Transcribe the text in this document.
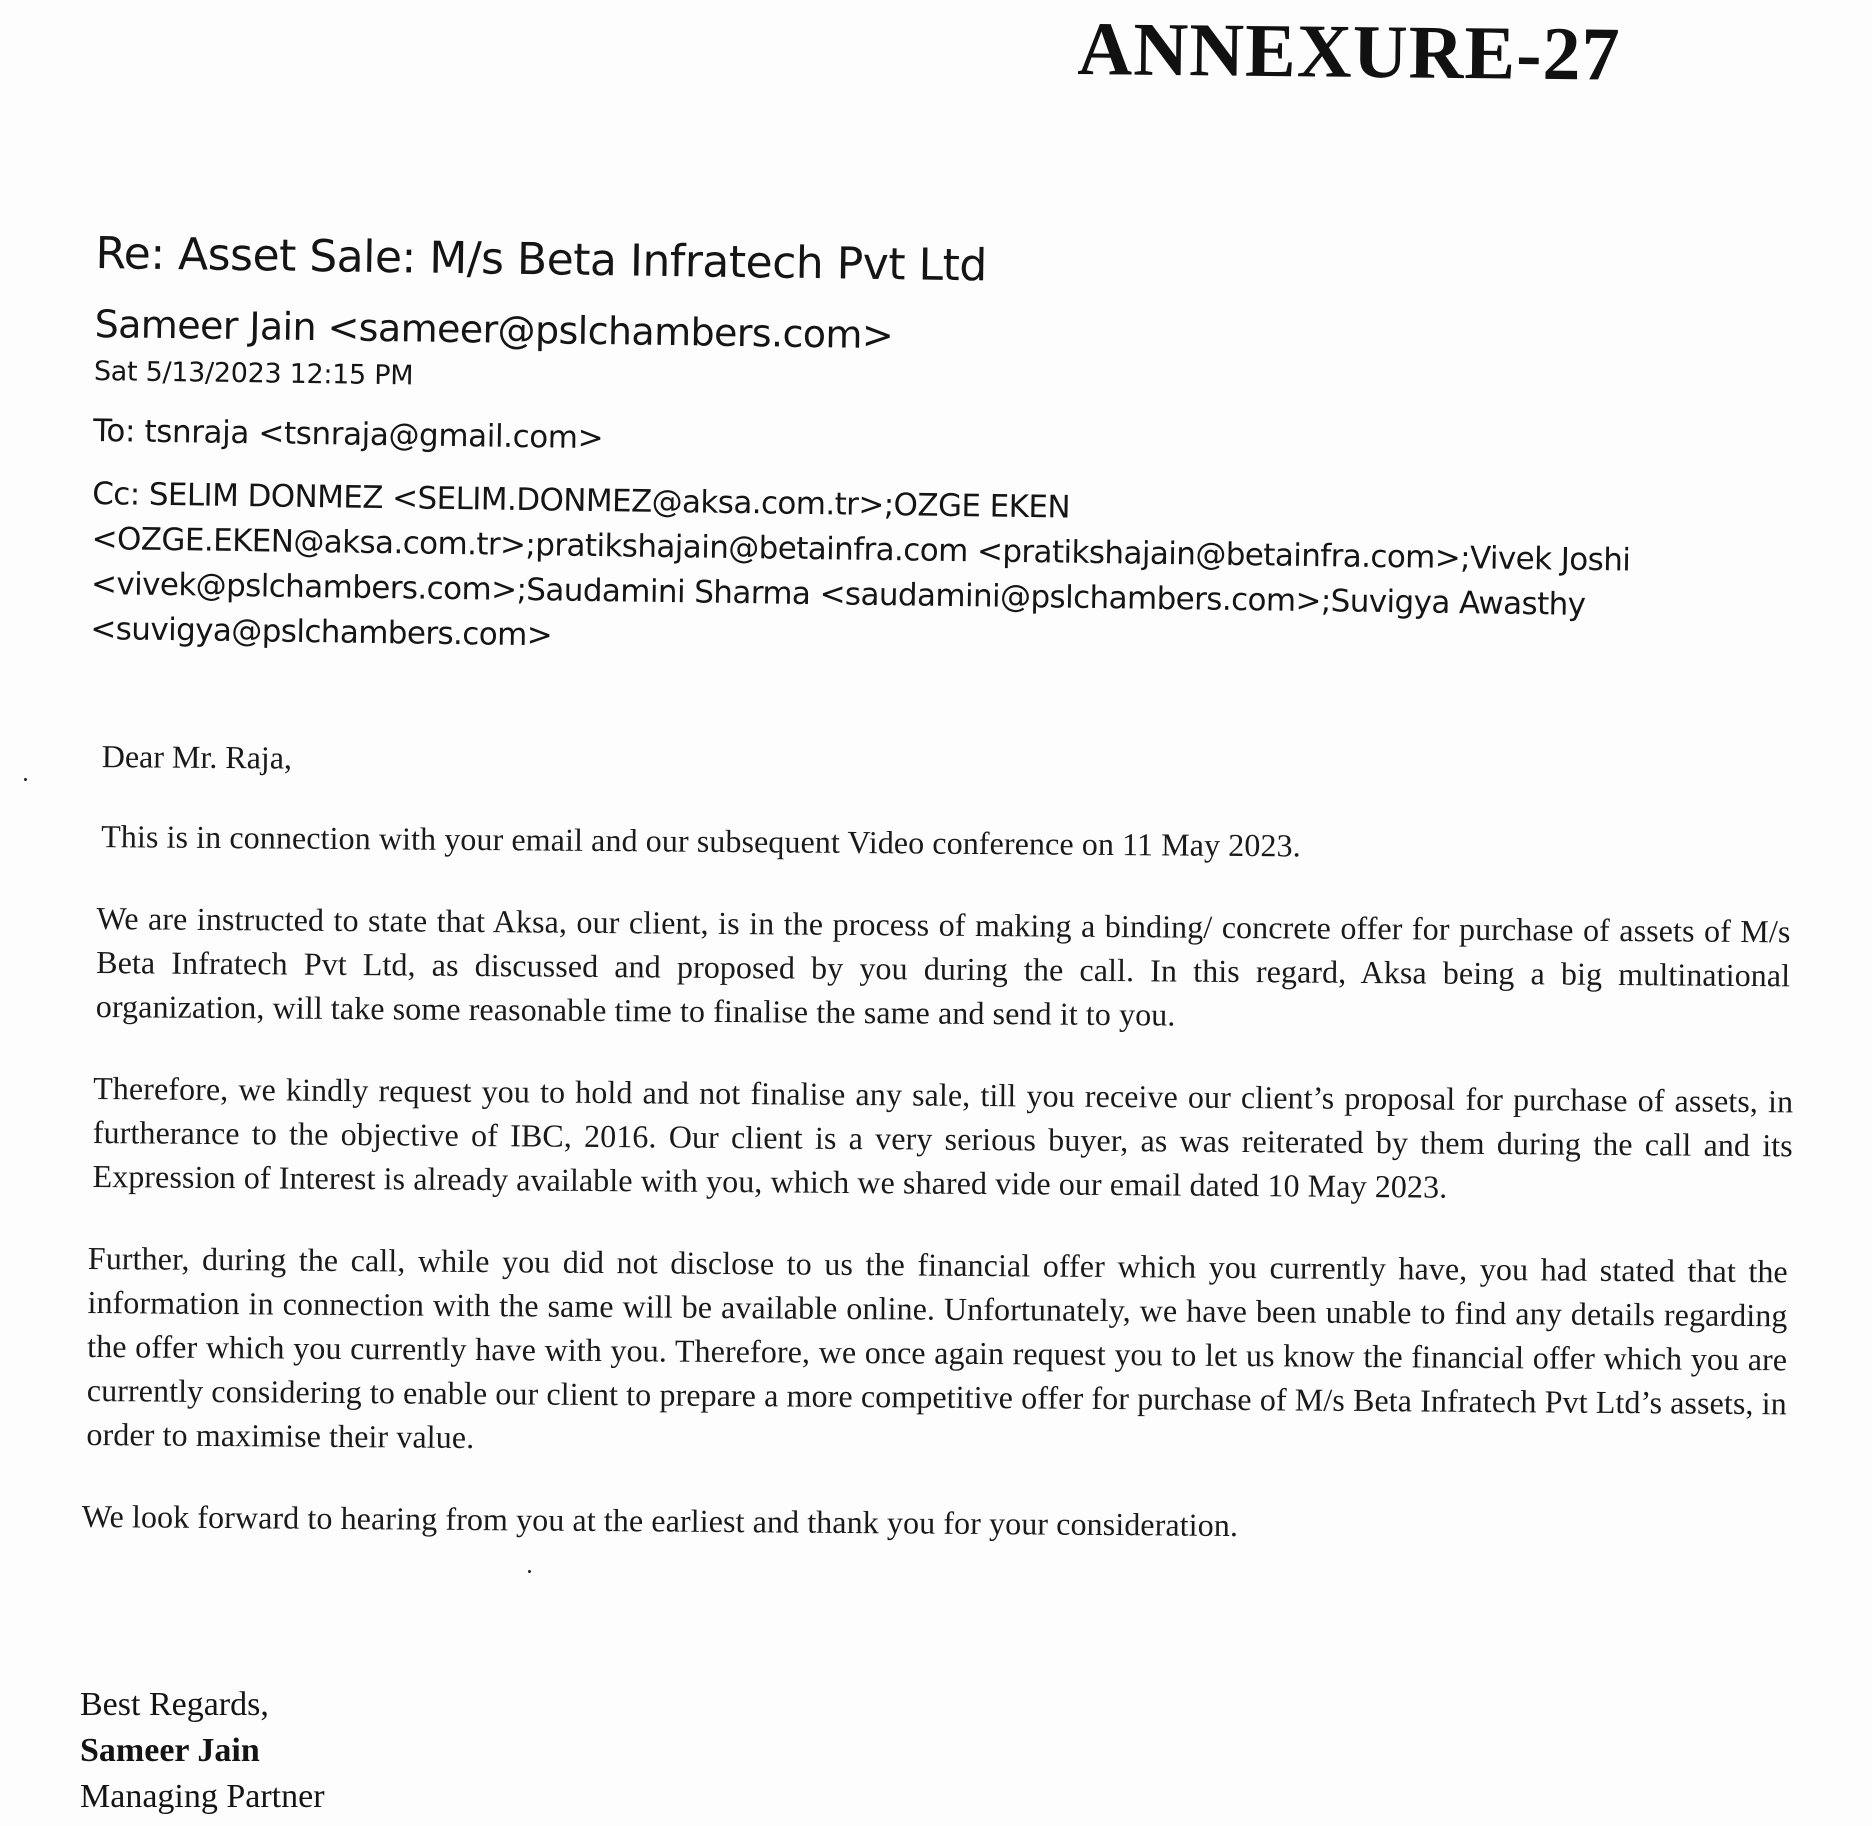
ANNEXURE-27
Re: Asset Sale: M/s Beta Infratech Pvt Ltd
Sameer Jain <sameer@pslchambers.com>
Sat 5/13/2023 12:15 PM
To: tsnraja <tsnraja@gmail.com>
Cc: SELIM DONMEZ <SELIM.DONMEZ@aksa.com.tr>;OZGE EKEN <OZGE.EKEN@aksa.com.tr>;pratikshajain@betainfra.com <pratikshajain@betainfra.com>;Vivek Joshi <vivek@pslchambers.com>;Saudamini Sharma <saudamini@pslchambers.com>;Suvigya Awasthy <suvigya@pslchambers.com>
Dear Mr. Raja,
This is in connection with your email and our subsequent Video conference on 11 May 2023.
We are instructed to state that Aksa, our client, is in the process of making a binding/ concrete offer for purchase of assets of M/s Beta Infratech Pvt Ltd, as discussed and proposed by you during the call. In this regard, Aksa being a big multinational organization, will take some reasonable time to finalise the same and send it to you.
Therefore, we kindly request you to hold and not finalise any sale, till you receive our client’s proposal for purchase of assets, in furtherance to the objective of IBC, 2016. Our client is a very serious buyer, as was reiterated by them during the call and its Expression of Interest is already available with you, which we shared vide our email dated 10 May 2023.
Further, during the call, while you did not disclose to us the financial offer which you currently have, you had stated that the information in connection with the same will be available online. Unfortunately, we have been unable to find any details regarding the offer which you currently have with you. Therefore, we once again request you to let us know the financial offer which you are currently considering to enable our client to prepare a more competitive offer for purchase of M/s Beta Infratech Pvt Ltd’s assets, in order to maximise their value.
We look forward to hearing from you at the earliest and thank you for your consideration.
Best Regards,
Sameer Jain
Managing Partner
